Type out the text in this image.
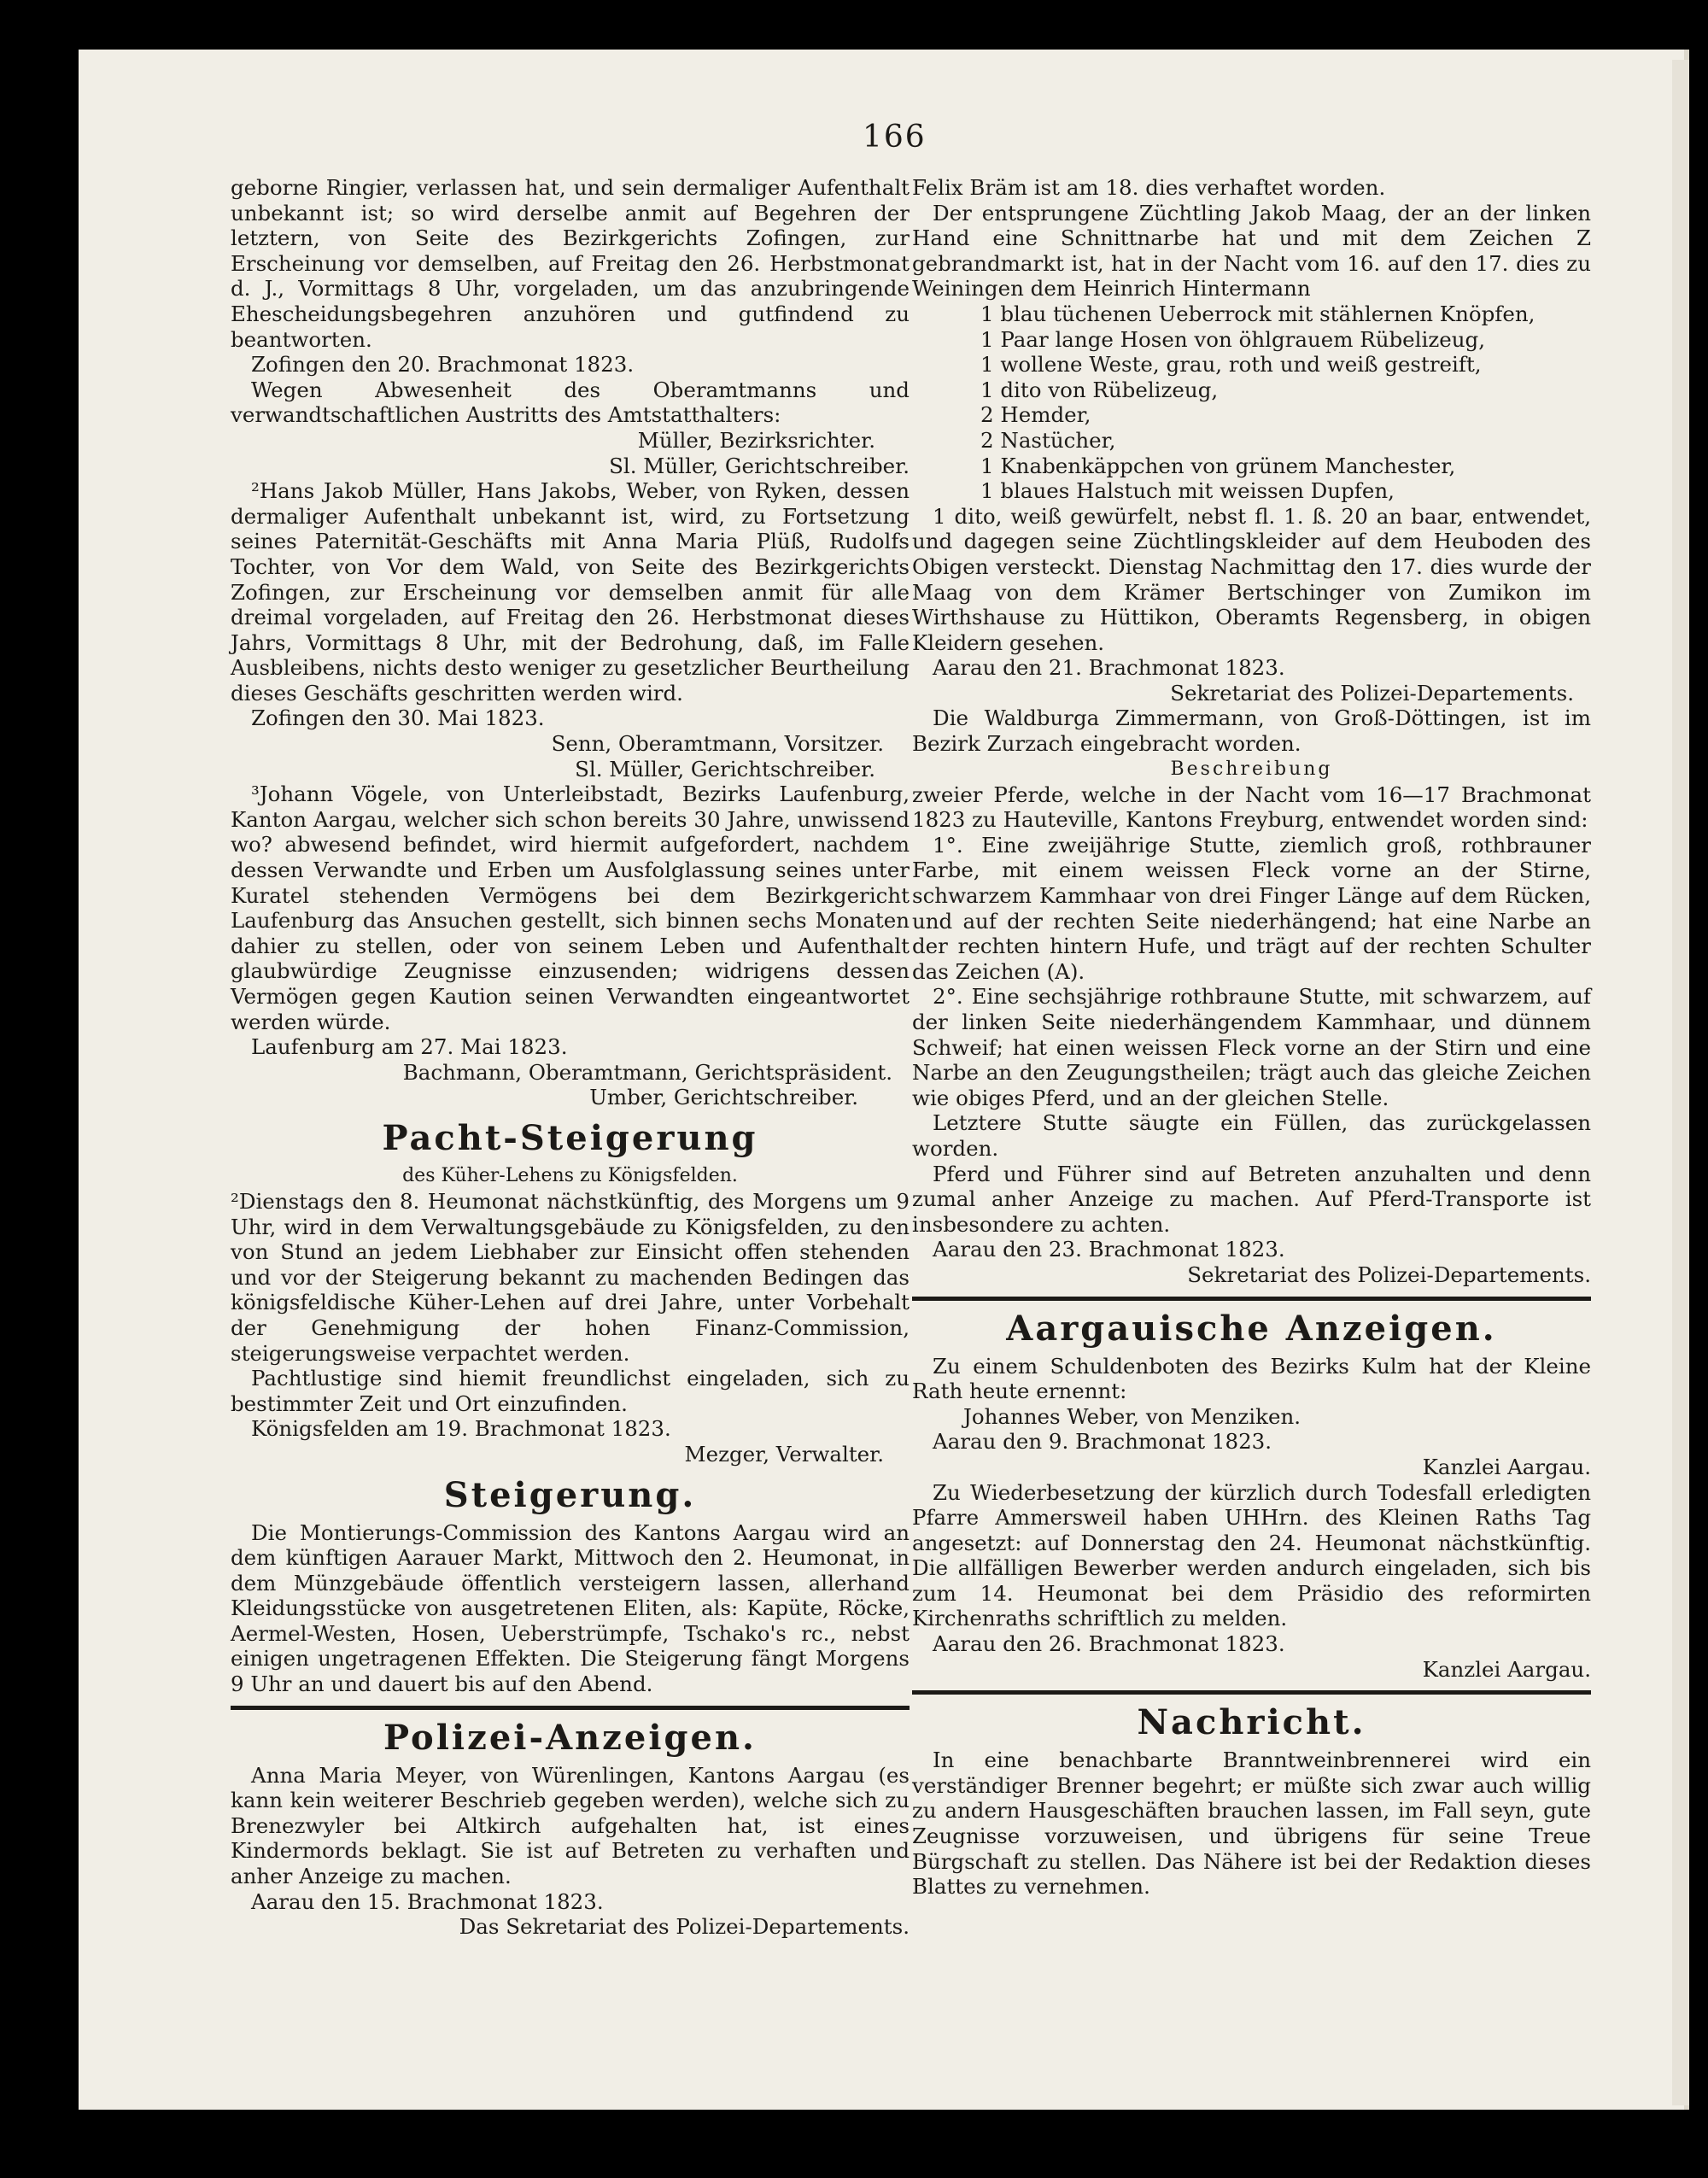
166

geborne Ringier, verlassen hat, und sein dermaliger Aufenthalt unbekannt ist; so wird derselbe anmit auf Begehren der letztern, von Seite des Bezirkgerichts Zofingen, zur Erscheinung vor demselben, auf Freitag den 26. Herbstmonat d. J., Vormittags 8 Uhr, vorgeladen, um das anzubringende Ehescheidungsbegehren anzuhören und gutfindend zu beantworten.

Zofingen den 20. Brachmonat 1823.

Wegen Abwesenheit des Oberamtmanns und verwandtschaftlichen Austritts des Amtstatthalters:

Müller, Bezirksrichter.

Sl. Müller, Gerichtschreiber.

²Hans Jakob Müller, Hans Jakobs, Weber, von Ryken, dessen dermaliger Aufenthalt unbekannt ist, wird, zu Fortsetzung seines Paternität-Geschäfts mit Anna Maria Plüß, Rudolfs Tochter, von Vor dem Wald, von Seite des Bezirkgerichts Zofingen, zur Erscheinung vor demselben anmit für alle dreimal vorgeladen, auf Freitag den 26. Herbstmonat dieses Jahrs, Vormittags 8 Uhr, mit der Bedrohung, daß, im Falle Ausbleibens, nichts desto weniger zu gesetzlicher Beurtheilung dieses Geschäfts geschritten werden wird.

Zofingen den 30. Mai 1823.

Senn, Oberamtmann, Vorsitzer.

Sl. Müller, Gerichtschreiber.

³Johann Vögele, von Unterleibstadt, Bezirks Laufenburg, Kanton Aargau, welcher sich schon bereits 30 Jahre, unwissend wo? abwesend befindet, wird hiermit aufgefordert, nachdem dessen Verwandte und Erben um Ausfolglassung seines unter Kuratel stehenden Vermögens bei dem Bezirkgericht Laufenburg das Ansuchen gestellt, sich binnen sechs Monaten dahier zu stellen, oder von seinem Leben und Aufenthalt glaubwürdige Zeugnisse einzusenden; widrigens dessen Vermögen gegen Kaution seinen Verwandten eingeantwortet werden würde.

Laufenburg am 27. Mai 1823.

Bachmann, Oberamtmann, Gerichtspräsident.

Umber, Gerichtschreiber.

Pacht-Steigerung
des Küher-Lehens zu Königsfelden.

²Dienstags den 8. Heumonat nächstkünftig, des Morgens um 9 Uhr, wird in dem Verwaltungsgebäude zu Königsfelden, zu den von Stund an jedem Liebhaber zur Einsicht offen stehenden und vor der Steigerung bekannt zu machenden Bedingen das königsfeldische Küher-Lehen auf drei Jahre, unter Vorbehalt der Genehmigung der hohen Finanz-Commission, steigerungsweise verpachtet werden.

Pachtlustige sind hiemit freundlichst eingeladen, sich zu bestimmter Zeit und Ort einzufinden.

Königsfelden am 19. Brachmonat 1823.

Mezger, Verwalter.

Steigerung.

Die Montierungs-Commission des Kantons Aargau wird an dem künftigen Aarauer Markt, Mittwoch den 2. Heumonat, in dem Münzgebäude öffentlich versteigern lassen, allerhand Kleidungsstücke von ausgetretenen Eliten, als: Kapüte, Röcke, Aermel-Westen, Hosen, Ueberstrümpfe, Tschako's rc., nebst einigen ungetragenen Effekten. Die Steigerung fängt Morgens 9 Uhr an und dauert bis auf den Abend.

Polizei-Anzeigen.

Anna Maria Meyer, von Würenlingen, Kantons Aargau (es kann kein weiterer Beschrieb gegeben werden), welche sich zu Brenezwyler bei Altkirch aufgehalten hat, ist eines Kindermords beklagt. Sie ist auf Betreten zu verhaften und anher Anzeige zu machen.

Aarau den 15. Brachmonat 1823.

Das Sekretariat des Polizei-Departements.

Felix Bräm ist am 18. dies verhaftet worden.

Der entsprungene Züchtling Jakob Maag, der an der linken Hand eine Schnittnarbe hat und mit dem Zeichen Z gebrandmarkt ist, hat in der Nacht vom 16. auf den 17. dies zu Weiningen dem Heinrich Hintermann

1 blau tüchenen Ueberrock mit stählernen Knöpfen,

1 Paar lange Hosen von öhlgrauem Rübelizeug,

1 wollene Weste, grau, roth und weiß gestreift,

1 dito von Rübelizeug,

2 Hemder,

2 Nastücher,

1 Knabenkäppchen von grünem Manchester,

1 blaues Halstuch mit weissen Dupfen,

1 dito, weiß gewürfelt, nebst fl. 1. ß. 20 an baar, entwendet, und dagegen seine Züchtlingskleider auf dem Heuboden des Obigen versteckt. Dienstag Nachmittag den 17. dies wurde der Maag von dem Krämer Bertschinger von Zumikon im Wirthshause zu Hüttikon, Oberamts Regensberg, in obigen Kleidern gesehen.

Aarau den 21. Brachmonat 1823.

Sekretariat des Polizei-Departements.

Die Waldburga Zimmermann, von Groß-Döttingen, ist im Bezirk Zurzach eingebracht worden.

Beschreibung

zweier Pferde, welche in der Nacht vom 16—17 Brachmonat 1823 zu Hauteville, Kantons Freyburg, entwendet worden sind:

1°. Eine zweijährige Stutte, ziemlich groß, rothbrauner Farbe, mit einem weissen Fleck vorne an der Stirne, schwarzem Kammhaar von drei Finger Länge auf dem Rücken, und auf der rechten Seite niederhängend; hat eine Narbe an der rechten hintern Hufe, und trägt auf der rechten Schulter das Zeichen (A).

2°. Eine sechsjährige rothbraune Stutte, mit schwarzem, auf der linken Seite niederhängendem Kammhaar, und dünnem Schweif; hat einen weissen Fleck vorne an der Stirn und eine Narbe an den Zeugungstheilen; trägt auch das gleiche Zeichen wie obiges Pferd, und an der gleichen Stelle.

Letztere Stutte säugte ein Füllen, das zurückgelassen worden.

Pferd und Führer sind auf Betreten anzuhalten und denn zumal anher Anzeige zu machen. Auf Pferd-Transporte ist insbesondere zu achten.

Aarau den 23. Brachmonat 1823.

Sekretariat des Polizei-Departements.

Aargauische Anzeigen.

Zu einem Schuldenboten des Bezirks Kulm hat der Kleine Rath heute ernennt:

Johannes Weber, von Menziken.

Aarau den 9. Brachmonat 1823.

Kanzlei Aargau.

Zu Wiederbesetzung der kürzlich durch Todesfall erledigten Pfarre Ammersweil haben UHHrn. des Kleinen Raths Tag angesetzt: auf Donnerstag den 24. Heumonat nächstkünftig. Die allfälligen Bewerber werden andurch eingeladen, sich bis zum 14. Heumonat bei dem Präsidio des reformirten Kirchenraths schriftlich zu melden.

Aarau den 26. Brachmonat 1823.

Kanzlei Aargau.

Nachricht.

In eine benachbarte Branntweinbrennerei wird ein verständiger Brenner begehrt; er müßte sich zwar auch willig zu andern Hausgeschäften brauchen lassen, im Fall seyn, gute Zeugnisse vorzuweisen, und übrigens für seine Treue Bürgschaft zu stellen. Das Nähere ist bei der Redaktion dieses Blattes zu vernehmen.
